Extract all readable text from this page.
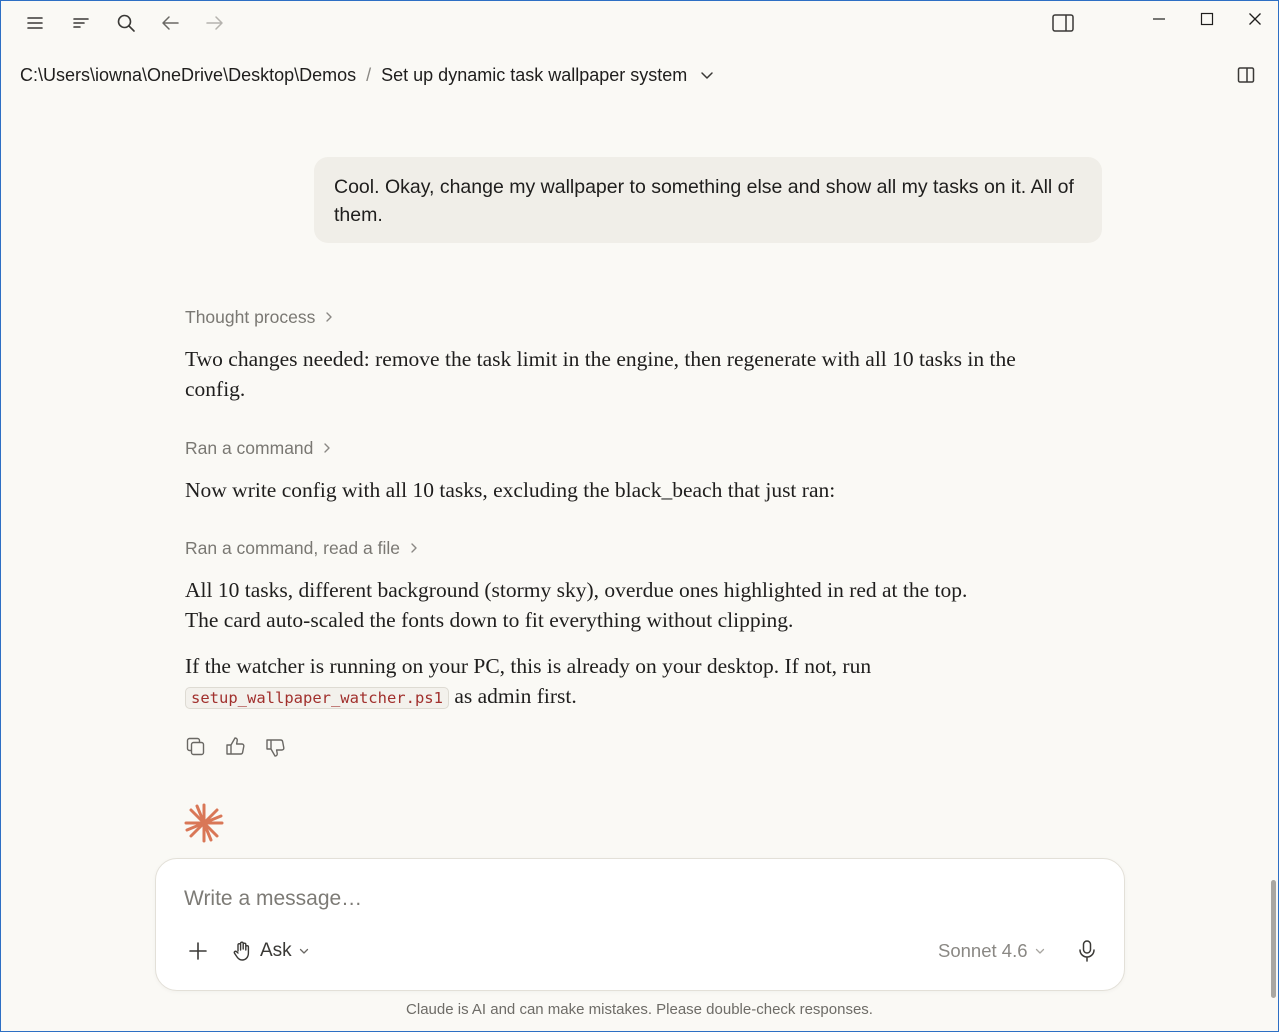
C:\Users\iowna\OneDrive\Desktop\Demos / Set up dynamic task wallpaper system
Cool. Okay, change my wallpaper to something else and show all my tasks on it. All of them.
Thought process
Two changes needed: remove the task limit in the engine, then regenerate with all 10 tasks in the config.
Ran a command
Now write config with all 10 tasks, excluding the black_beach that just ran:
Ran a command, read a file
All 10 tasks, different background (stormy sky), overdue ones highlighted in red at the top.
The card auto-scaled the fonts down to fit everything without clipping.
If the watcher is running on your PC, this is already on your desktop. If not, run
setup_wallpaper_watcher.ps1 as admin first.
Write a message…
Ask	Sonnet 4.6
Claude is AI and can make mistakes. Please double-check responses.
